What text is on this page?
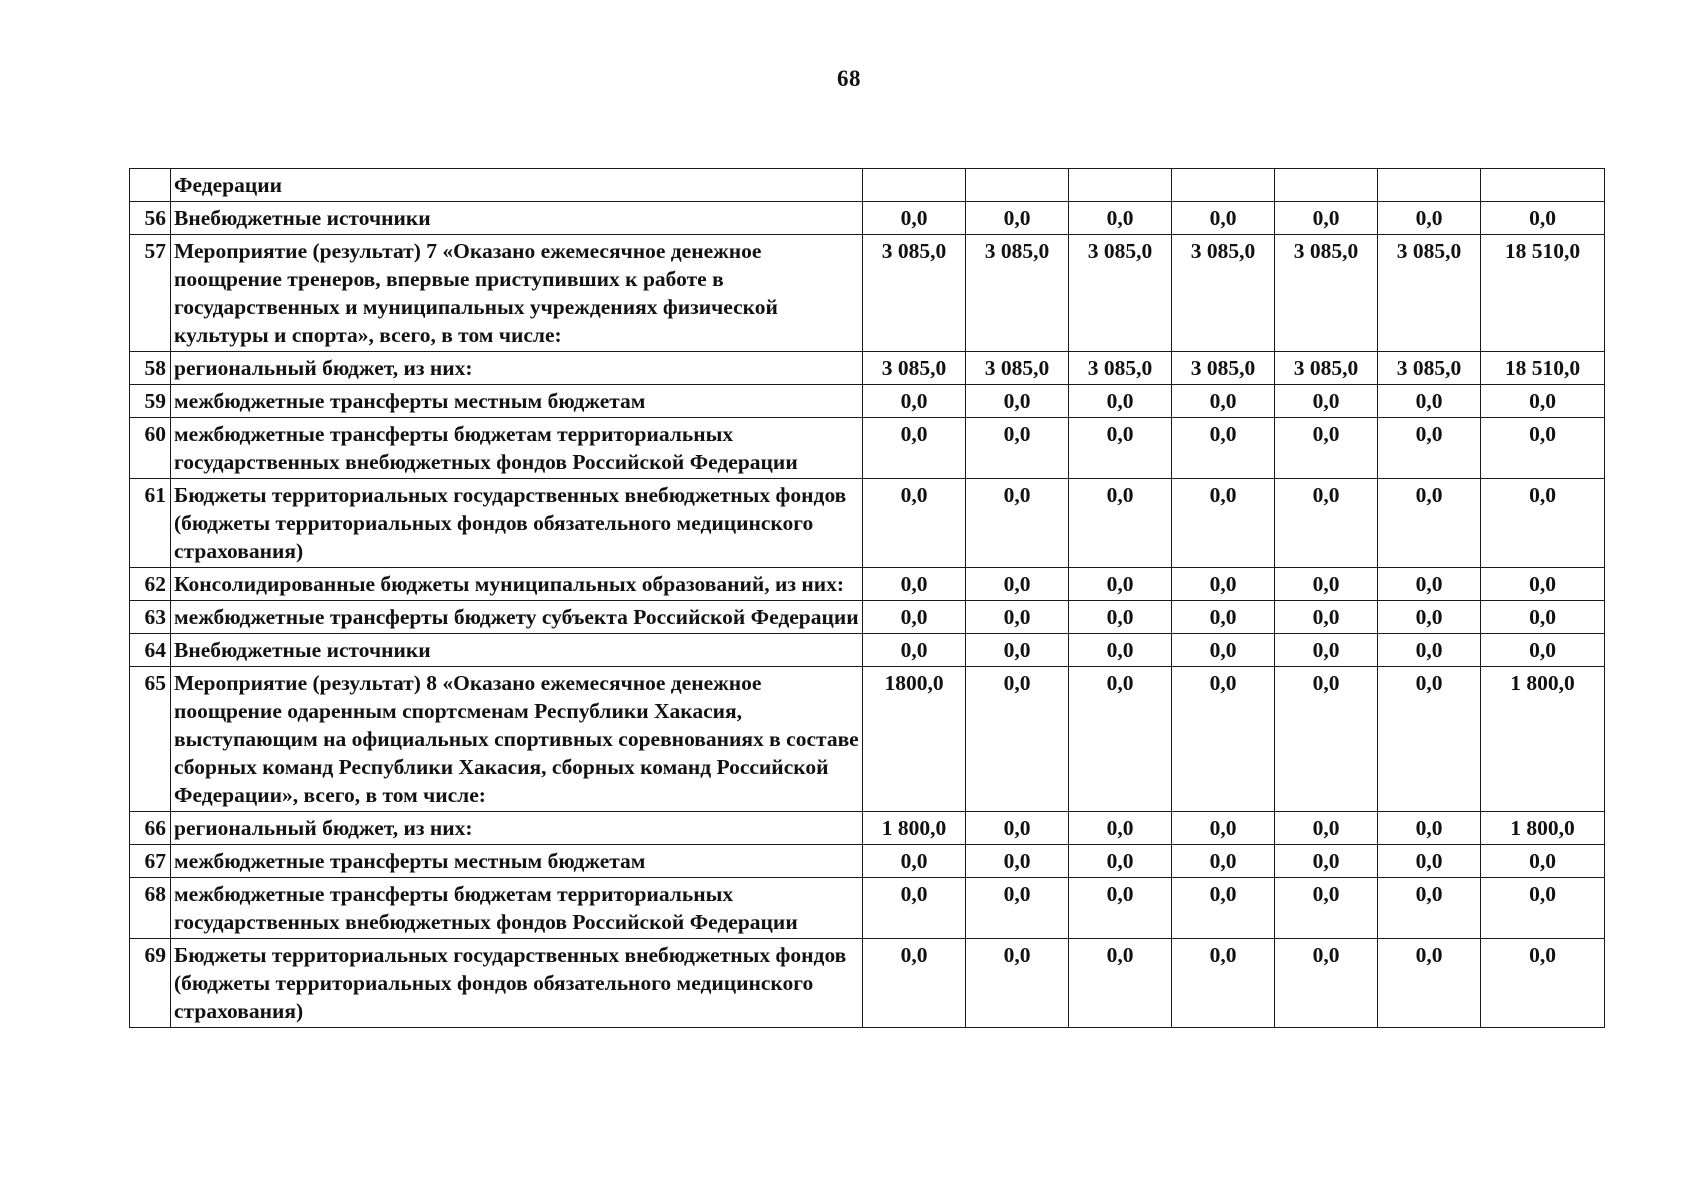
68
	Федерации							
56	Внебюджетные источники	0,0	0,0	0,0	0,0	0,0	0,0	0,0
57	Мероприятие (результат) 7 «Оказано ежемесячное денежное поощрение тренеров, впервые приступивших к работе в государственных и муниципальных учреждениях физической культуры и спорта», всего, в том числе:	3 085,0	3 085,0	3 085,0	3 085,0	3 085,0	3 085,0	18 510,0
58	региональный бюджет, из них:	3 085,0	3 085,0	3 085,0	3 085,0	3 085,0	3 085,0	18 510,0
59	межбюджетные трансферты местным бюджетам	0,0	0,0	0,0	0,0	0,0	0,0	0,0
60	межбюджетные трансферты бюджетам территориальных государственных внебюджетных фондов Российской Федерации	0,0	0,0	0,0	0,0	0,0	0,0	0,0
61	Бюджеты территориальных государственных внебюджетных фондов (бюджеты территориальных фондов обязательного медицинского страхования)	0,0	0,0	0,0	0,0	0,0	0,0	0,0
62	Консолидированные бюджеты муниципальных образований, из них:	0,0	0,0	0,0	0,0	0,0	0,0	0,0
63	межбюджетные трансферты бюджету субъекта Российской Федерации	0,0	0,0	0,0	0,0	0,0	0,0	0,0
64	Внебюджетные источники	0,0	0,0	0,0	0,0	0,0	0,0	0,0
65	Мероприятие (результат) 8 «Оказано ежемесячное денежное поощрение одаренным спортсменам Республики Хакасия, выступающим на официальных спортивных соревнованиях в составе сборных команд Республики Хакасия, сборных команд Российской Федерации», всего, в том числе:	1800,0	0,0	0,0	0,0	0,0	0,0	1 800,0
66	региональный бюджет, из них:	1 800,0	0,0	0,0	0,0	0,0	0,0	1 800,0
67	межбюджетные трансферты местным бюджетам	0,0	0,0	0,0	0,0	0,0	0,0	0,0
68	межбюджетные трансферты бюджетам территориальных государственных внебюджетных фондов Российской Федерации	0,0	0,0	0,0	0,0	0,0	0,0	0,0
69	Бюджеты территориальных государственных внебюджетных фондов (бюджеты территориальных фондов обязательного медицинского страхования)	0,0	0,0	0,0	0,0	0,0	0,0	0,0
